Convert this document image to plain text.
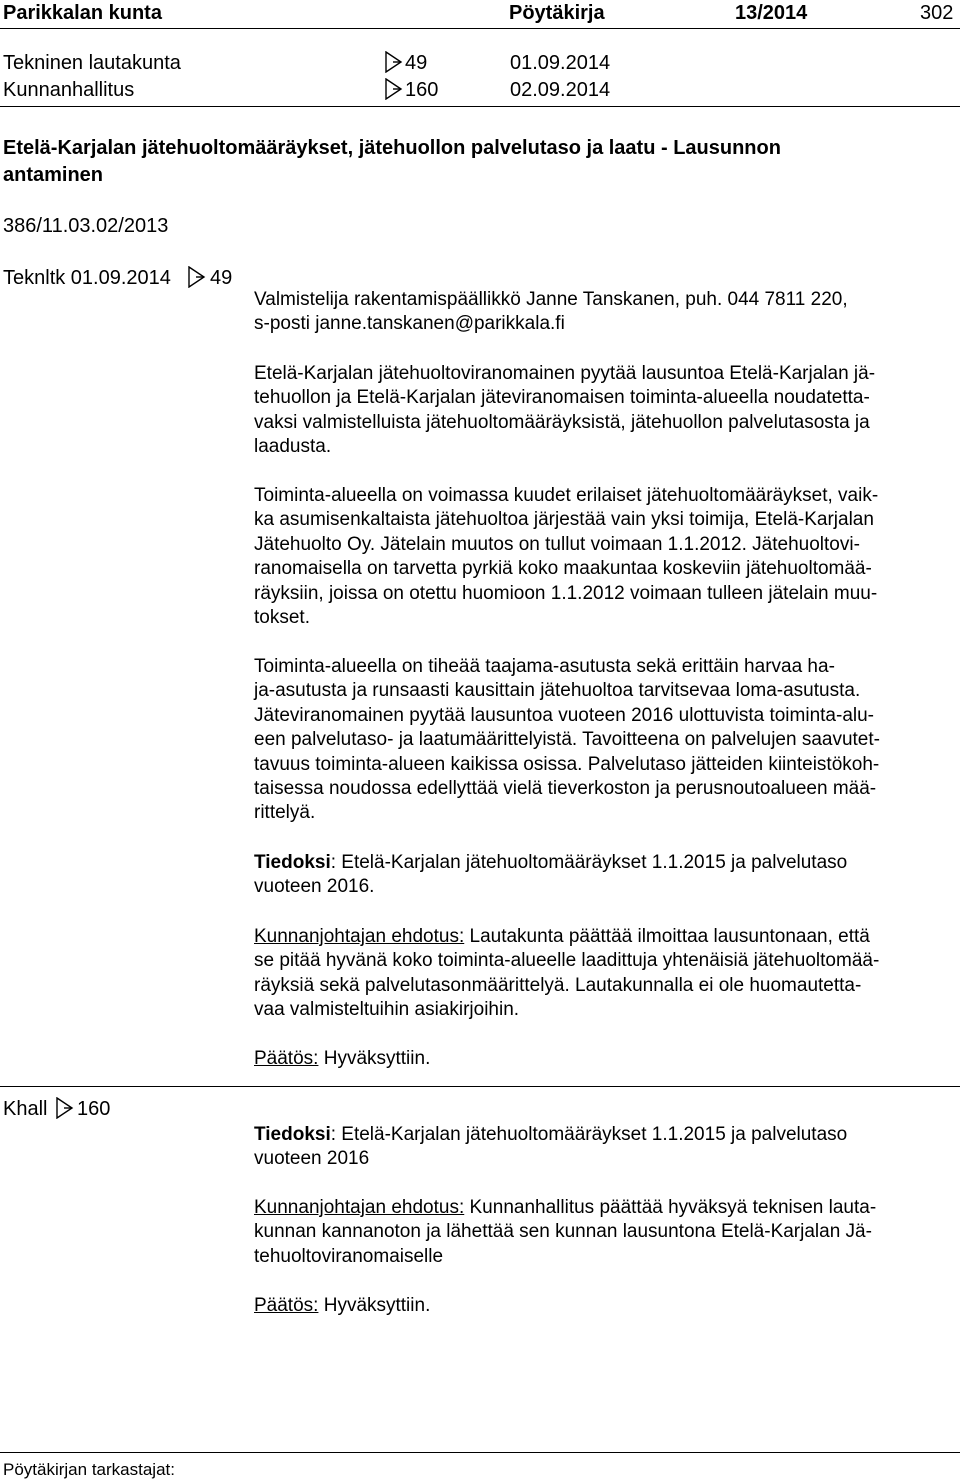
Parikkalan kunta	Pöytäkirja	13/2014	302
Tekninen lautakunta	49	01.09.2014
Kunnanhallitus	160	02.09.2014
Etelä-Karjalan jätehuoltomääräykset, jätehuollon palvelutaso ja laatu - Lausunnon
antaminen
386/11.03.02/2013
Teknltk 01.09.2014 49
Valmistelija rakentamispäällikkö Janne Tanskanen, puh. 044 7811 220,
s-posti janne.tanskanen@parikkala.fi
Etelä-Karjalan jätehuoltoviranomainen pyytää lausuntoa Etelä-Karjalan jä-
tehuollon ja Etelä-Karjalan jäteviranomaisen toiminta-alueella noudatetta-
vaksi valmistelluista jätehuoltomääräyksistä, jätehuollon palvelutasosta ja
laadusta.
Toiminta-alueella on voimassa kuudet erilaiset jätehuoltomääräykset, vaik-
ka asumisenkaltaista jätehuoltoa järjestää vain yksi toimija, Etelä-Karjalan
Jätehuolto Oy. Jätelain muutos on tullut voimaan 1.1.2012. Jätehuoltovi-
ranomaisella on tarvetta pyrkiä koko maakuntaa koskeviin jätehuoltomää-
räyksiin, joissa on otettu huomioon 1.1.2012 voimaan tulleen jätelain muu-
tokset.
Toiminta-alueella on tiheää taajama-asutusta sekä erittäin harvaa ha-
ja-asutusta ja runsaasti kausittain jätehuoltoa tarvitsevaa loma-asutusta.
Jäteviranomainen pyytää lausuntoa vuoteen 2016 ulottuvista toiminta-alu-
een palvelutaso- ja laatumäärittelyistä. Tavoitteena on palvelujen saavutet-
tavuus toiminta-alueen kaikissa osissa. Palvelutaso jätteiden kiinteistökoh-
taisessa noudossa edellyttää vielä tieverkoston ja perusnoutoalueen mää-
rittelyä.
Tiedoksi: Etelä-Karjalan jätehuoltomääräykset 1.1.2015 ja palvelutaso
vuoteen 2016.
Kunnanjohtajan ehdotus: Lautakunta päättää ilmoittaa lausuntonaan, että
se pitää hyvänä koko toiminta-alueelle laadittuja yhtenäisiä jätehuoltomää-
räyksiä sekä palvelutasonmäärittelyä. Lautakunnalla ei ole huomautetta-
vaa valmisteltuihin asiakirjoihin.
Päätös: Hyväksyttiin.
Khall 160
Tiedoksi: Etelä-Karjalan jätehuoltomääräykset 1.1.2015 ja palvelutaso
vuoteen 2016
Kunnanjohtajan ehdotus: Kunnanhallitus päättää hyväksyä teknisen lauta-
kunnan kannanoton ja lähettää sen kunnan lausuntona Etelä-Karjalan Jä-
tehuoltoviranomaiselle
Päätös: Hyväksyttiin.
Pöytäkirjan tarkastajat:
